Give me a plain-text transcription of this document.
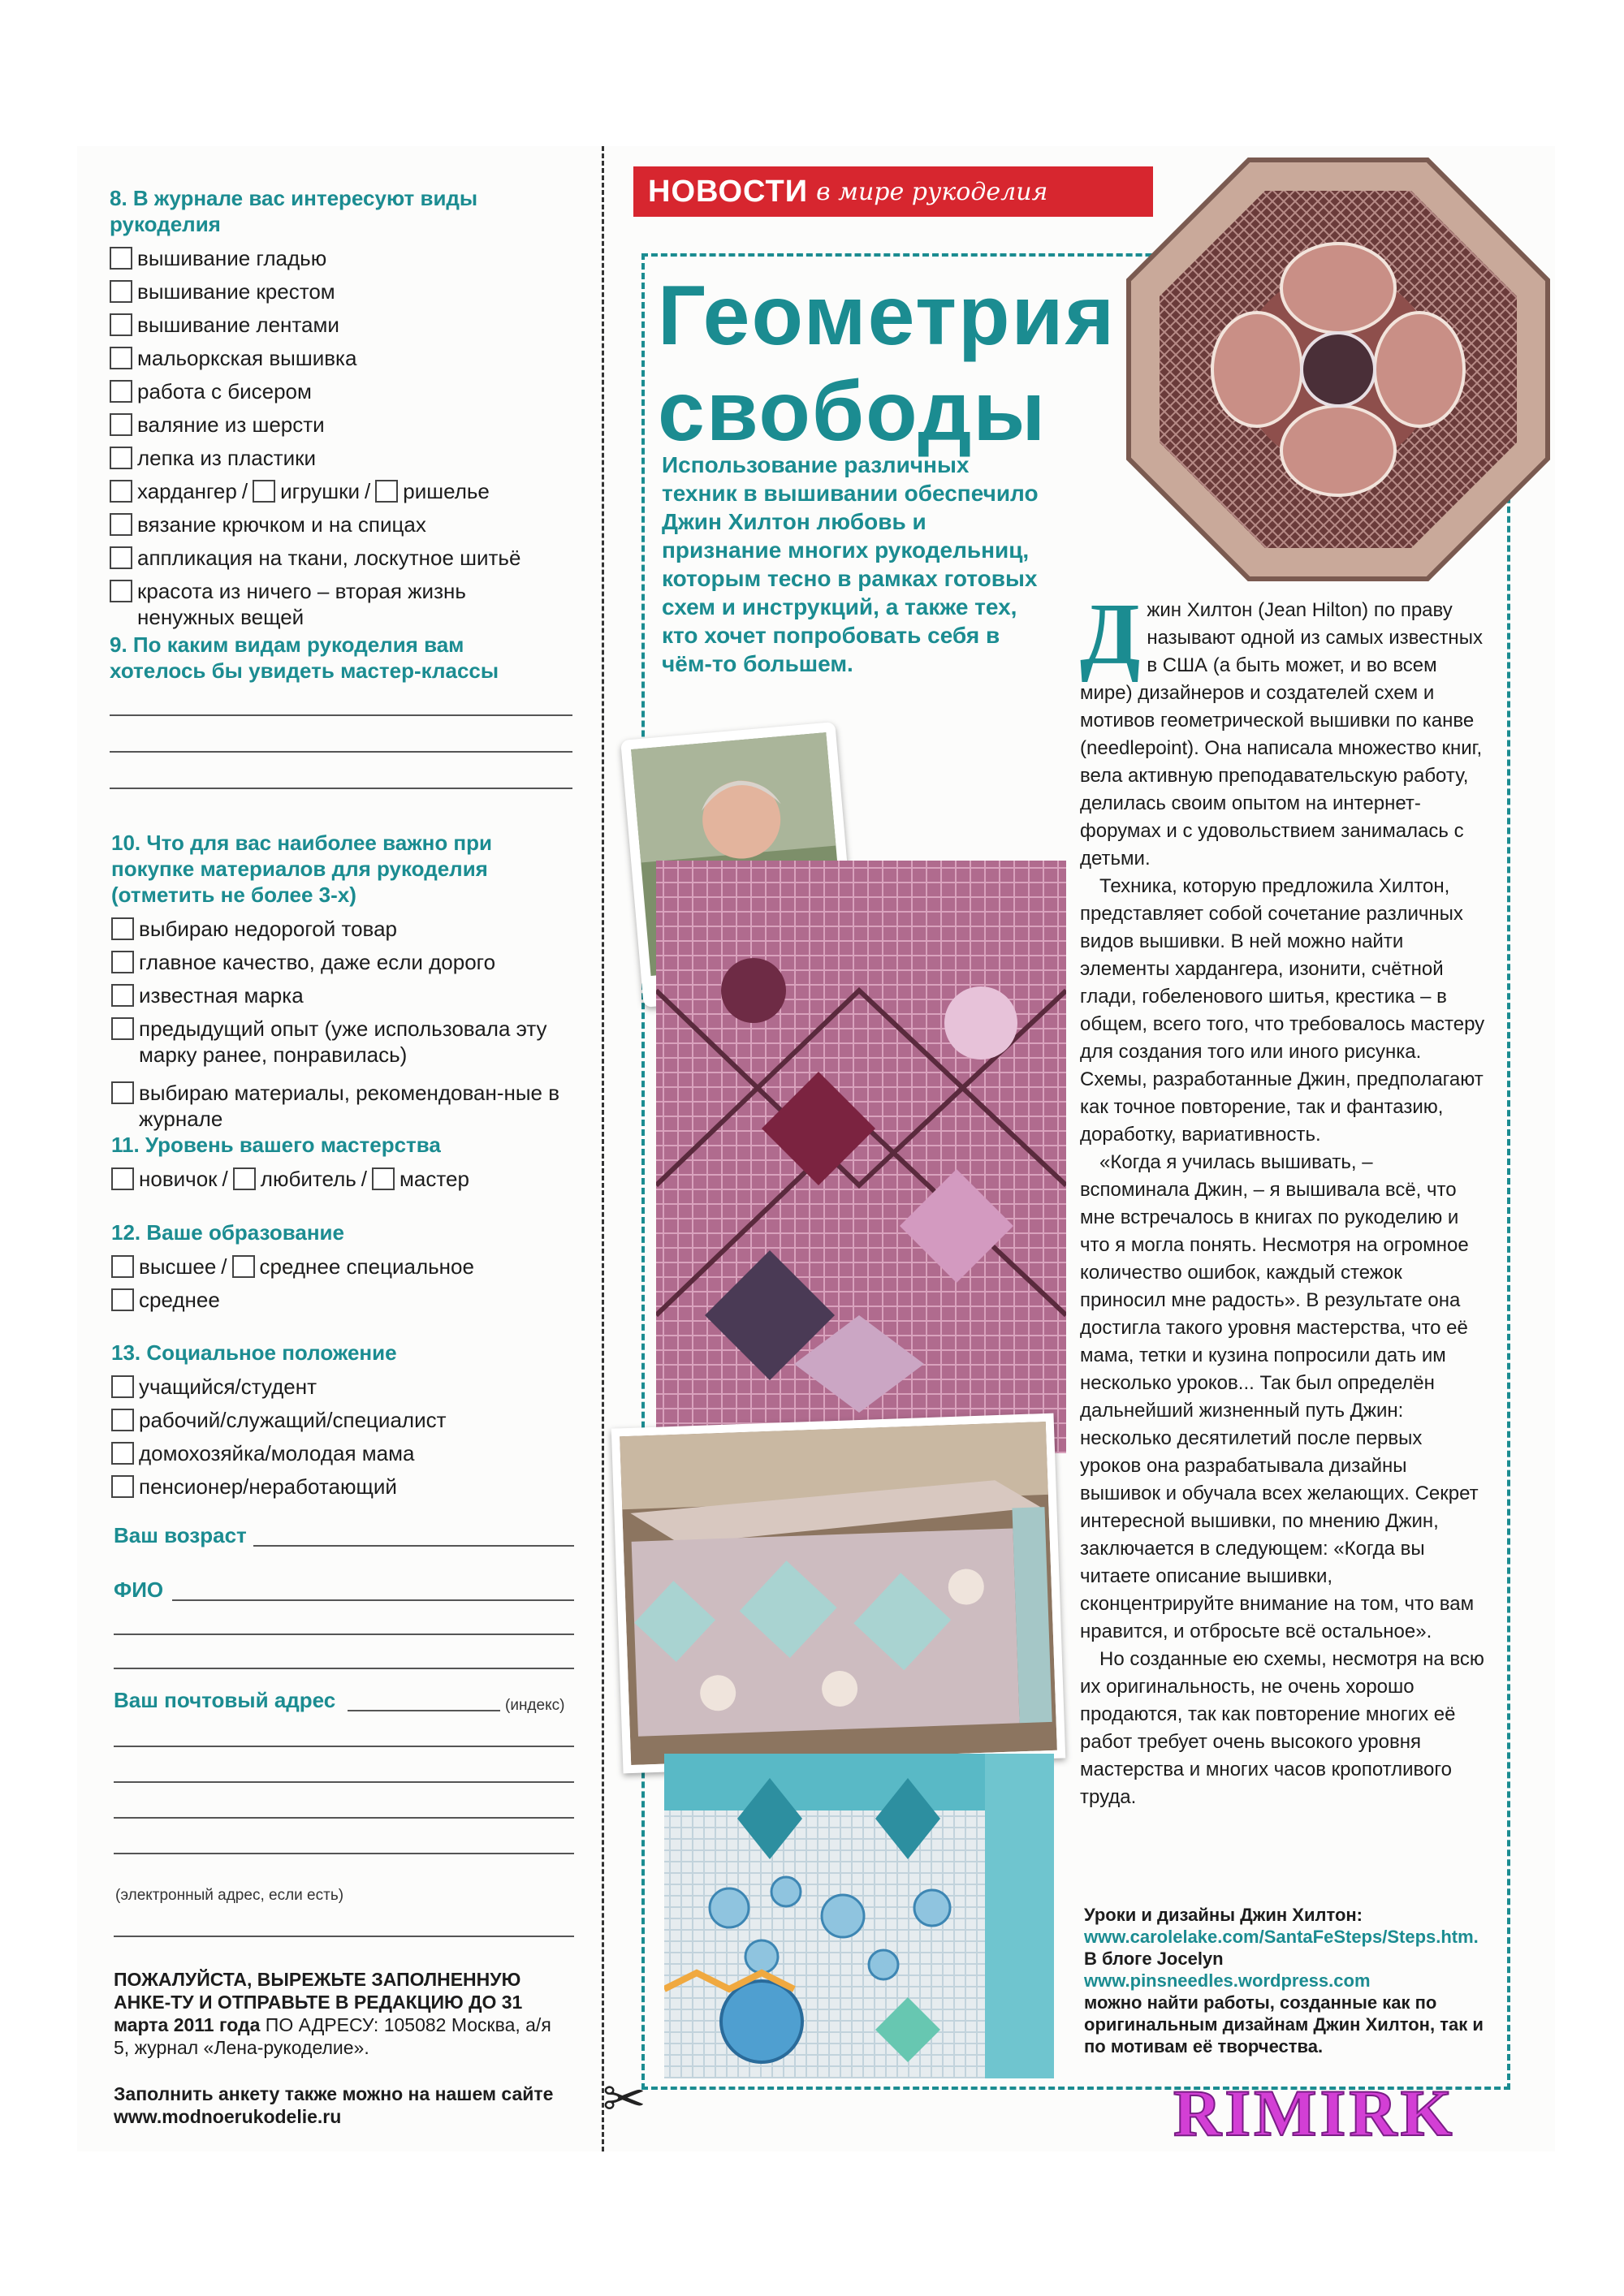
8. В журнале вас интересуют виды рукоделия
вышивание гладью
вышивание крестом
вышивание лентами
мальоркская вышивка
работа с бисером
валяние из шерсти
лепка из пластики
хардангер / игрушки / ришелье
вязание крючком и на спицах
аппликация на ткани, лоскутное шитьё
красота из ничего – вторая жизнь ненужных вещей
9. По каким видам рукоделия вам хотелось бы увидеть мастер-классы
10. Что для вас наиболее важно при покупке материалов для рукоделия (отметить не более 3-х)
выбираю недорогой товар
главное качество, даже если дорого
известная марка
предыдущий опыт (уже использовала эту марку ранее, понравилась)
выбираю материалы, рекомендован-ные в журнале
11. Уровень вашего мастерства
новичок / любитель / мастер
12. Ваше образование
высшее / среднее специальное
среднее
13. Социальное положение
учащийся/студент
рабочий/служащий/специалист
домохозяйка/молодая мама
пенсионер/неработающий
Ваш возраст
ФИО
Ваш почтовый адрес	(индекс)
(электронный адрес, если есть)
ПОЖАЛУЙСТА, ВЫРЕЖЬТЕ ЗАПОЛНЕННУЮ АНКЕ-ТУ И ОТПРАВЬТЕ В РЕДАКЦИЮ ДО 31 марта 2011 года ПО АДРЕСУ: 105082 Москва, а/я 5, журнал «Лена-рукоделие».
Заполнить анкету также можно на нашем сайте www.modnoerukodelie.ru	✂
НОВОСТИ в мире рукоделия
Геометрия
свободы
Использование различных техник в вышивании обеспечило Джин Хилтон любовь и признание многих рукодельниц, которым тесно в рамках готовых схем и инструкций, а также тех, кто хочет попробовать себя в чём-то большем.	Джин Хилтон (Jean Hilton) по праву называют одной из самых известных в США (а быть может, и во всем мире) дизайнеров и создателей схем и мотивов геометрической вышивки по канве (needlepoint). Она написала множество книг, вела активную преподавательскую работу, делилась своим опытом на интернет-форумах и с удовольствием занималась с детьми.

Техника, которую предложила Хилтон, представляет собой сочетание различных видов вышивки. В ней можно найти элементы хардангера, изонити, счётной глади, гобеленового шитья, крестика – в общем, всего того, что требовалось мастеру для создания того или иного рисунка. Схемы, разработанные Джин, предполагают как точное повторение, так и фантазию, доработку, вариативность.

«Когда я училась вышивать, – вспоминала Джин, – я вышивала всё, что мне встречалось в книгах по рукоделию и что я могла понять. Несмотря на огромное количество ошибок, каждый стежок приносил мне радость». В результате она достигла такого уровня мастерства, что её мама, тетки и кузина попросили дать им несколько уроков... Так был определён дальнейший жизненный путь Джин: несколько десятилетий после первых уроков она разрабатывала дизайны вышивок и обучала всех желающих. Секрет интересной вышивки, по мнению Джин, заключается в следующем: «Когда вы читаете описание вышивки, сконцентрируйте внимание на том, что вам нравится, и отбросьте всё остальное».

Но созданные ею схемы, несмотря на всю их оригинальность, не очень хорошо продаются, так как повторение многих её работ требует очень высокого уровня мастерства и многих часов кропотливого труда.

Уроки и дизайны Джин Хилтон:
www.carolelake.com/SantaFeSteps/Steps.htm.
В блоге Jocelyn
www.pinsneedles.wordpress.com
можно найти работы, созданные как по оригинальным дизайнам Джин Хилтон, так и по мотивам её творчества.
RIMIRK
